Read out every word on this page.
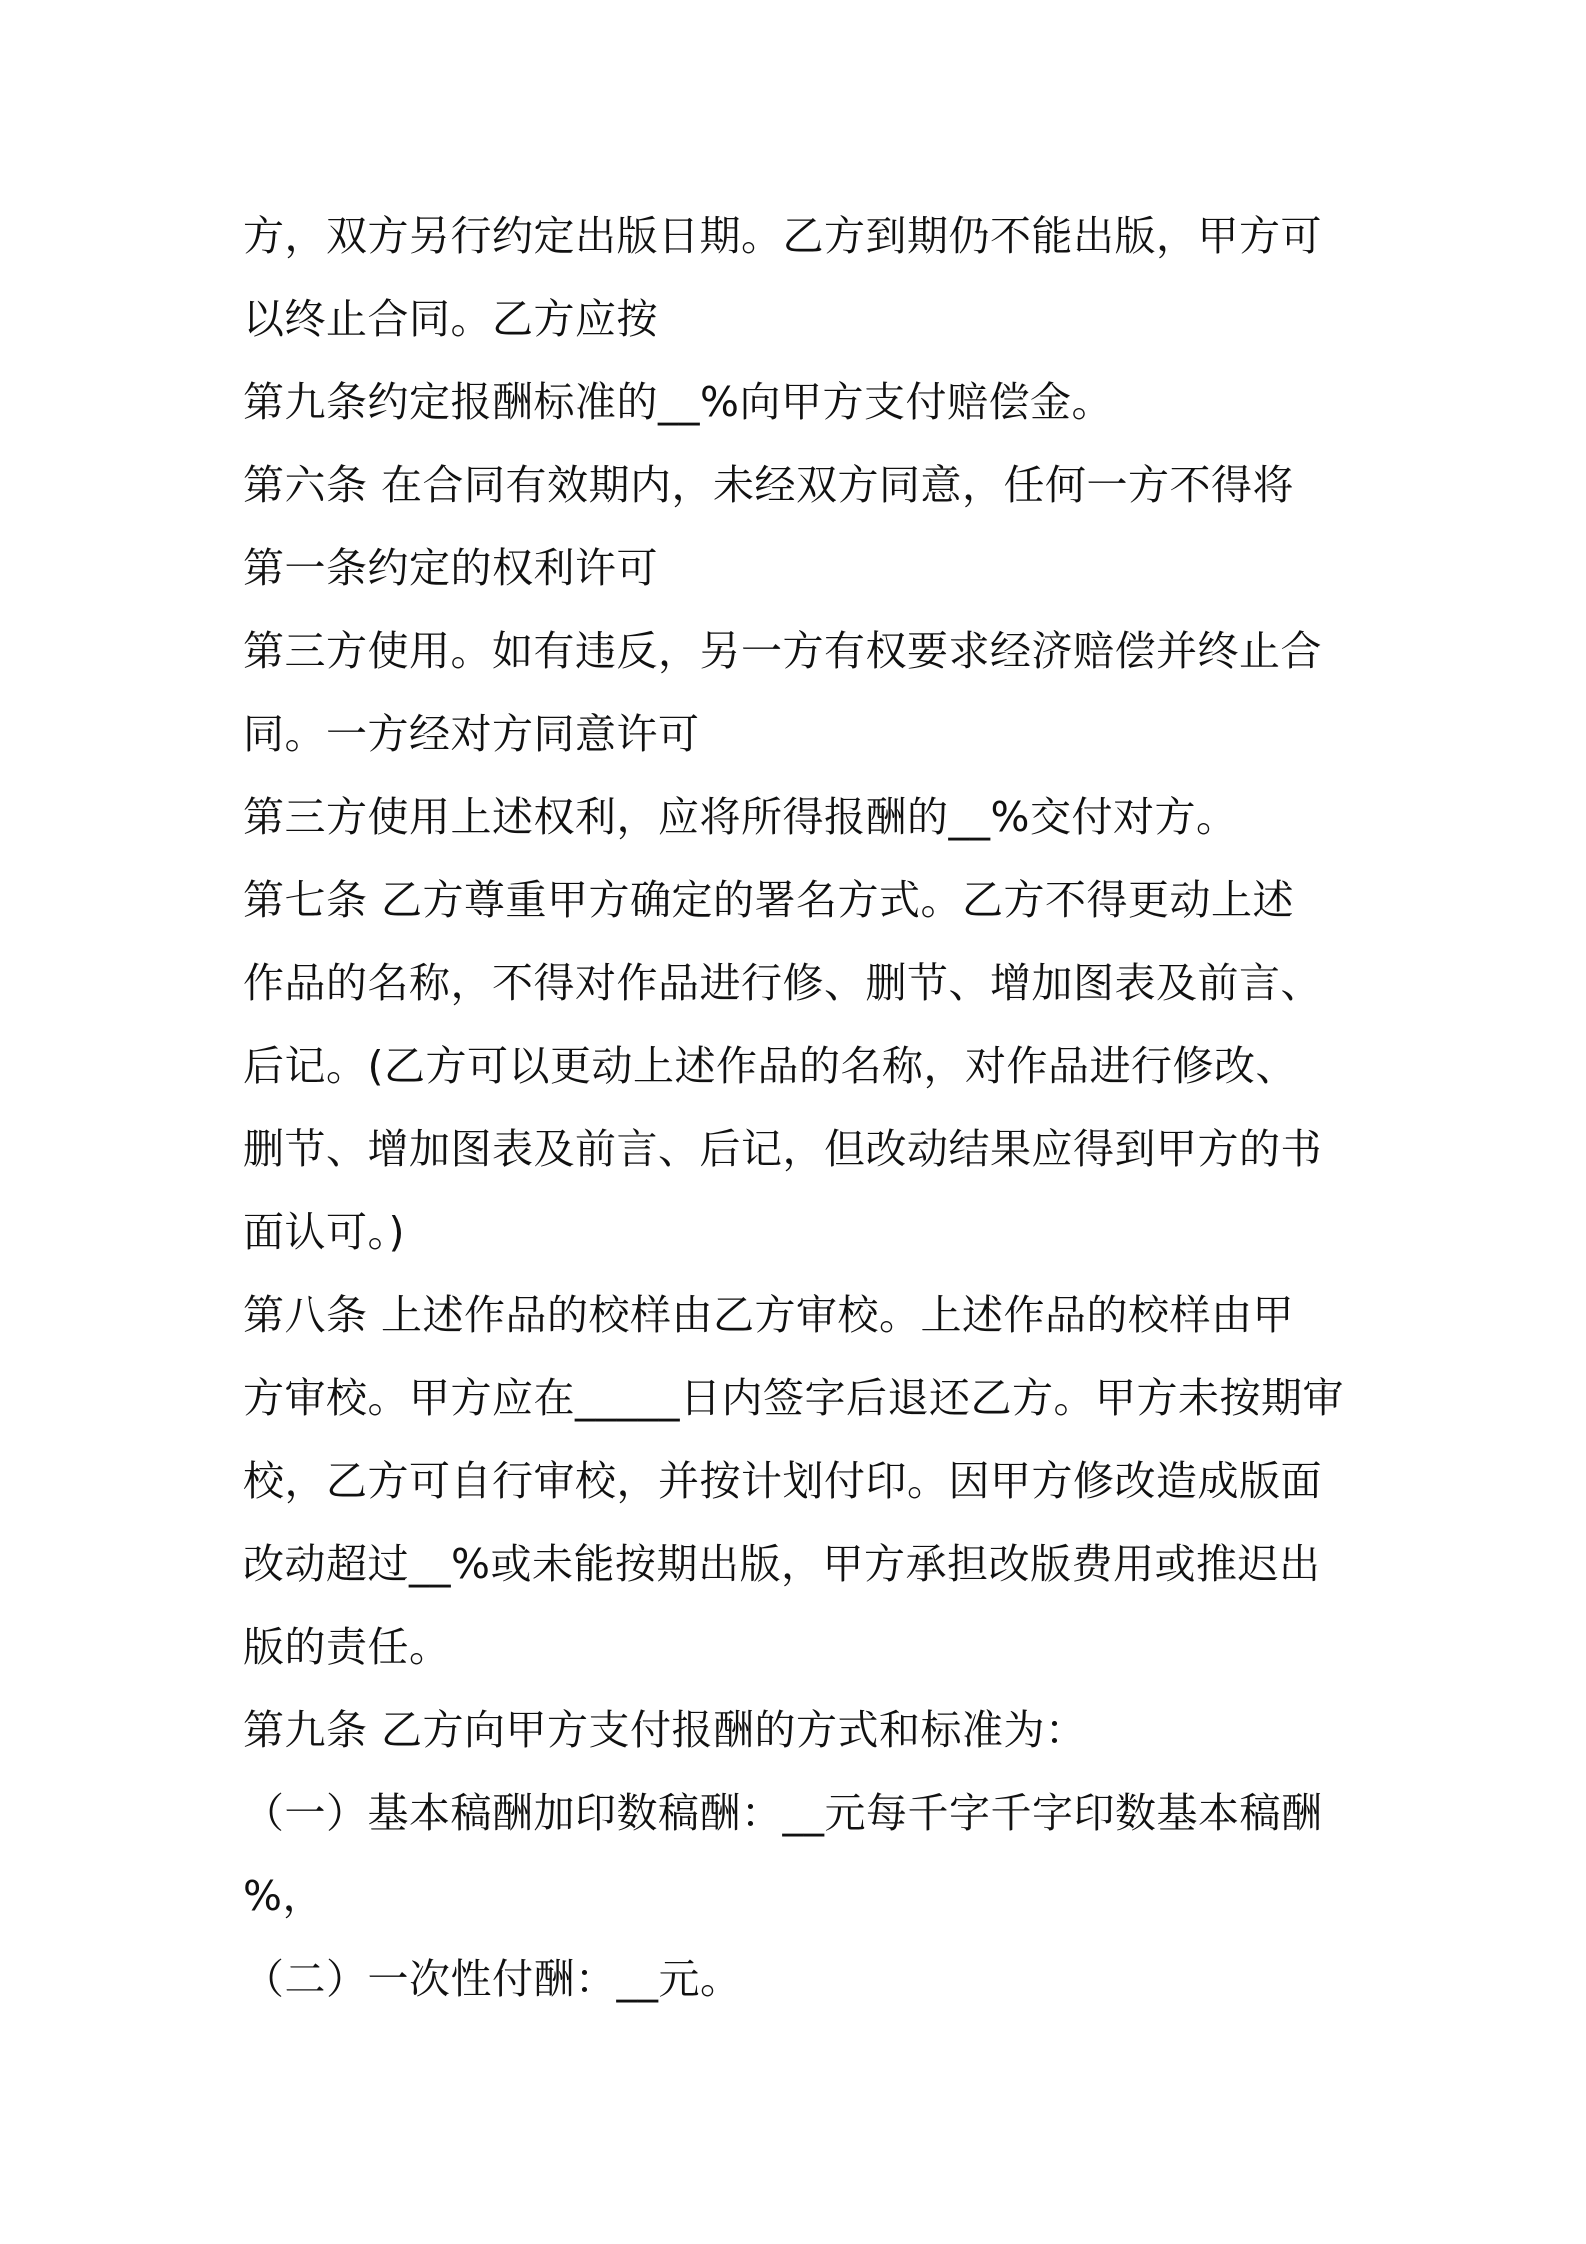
方，双方另行约定出版日期。乙方到期仍不能出版，甲方可

以终止合同。乙方应按

第九条约定报酬标准的__%向甲方支付赔偿金。

第六条 在合同有效期内，未经双方同意，任何一方不得将

第一条约定的权利许可

第三方使用。如有违反，另一方有权要求经济赔偿并终止合

同。一方经对方同意许可

第三方使用上述权利，应将所得报酬的__%交付对方。

第七条 乙方尊重甲方确定的署名方式。乙方不得更动上述

作品的名称，不得对作品进行修、删节、增加图表及前言、

后记。(乙方可以更动上述作品的名称，对作品进行修改、

删节、增加图表及前言、后记，但改动结果应得到甲方的书

面认可。)

第八条 上述作品的校样由乙方审校。上述作品的校样由甲

方审校。甲方应在_____日内签字后退还乙方。甲方未按期审

校，乙方可自行审校，并按计划付印。因甲方修改造成版面

改动超过__%或未能按期出版，甲方承担改版费用或推迟出

版的责任。

第九条 乙方向甲方支付报酬的方式和标准为：

（一）基本稿酬加印数稿酬：__元每千字千字印数基本稿酬

%，

（二）一次性付酬：__元。
